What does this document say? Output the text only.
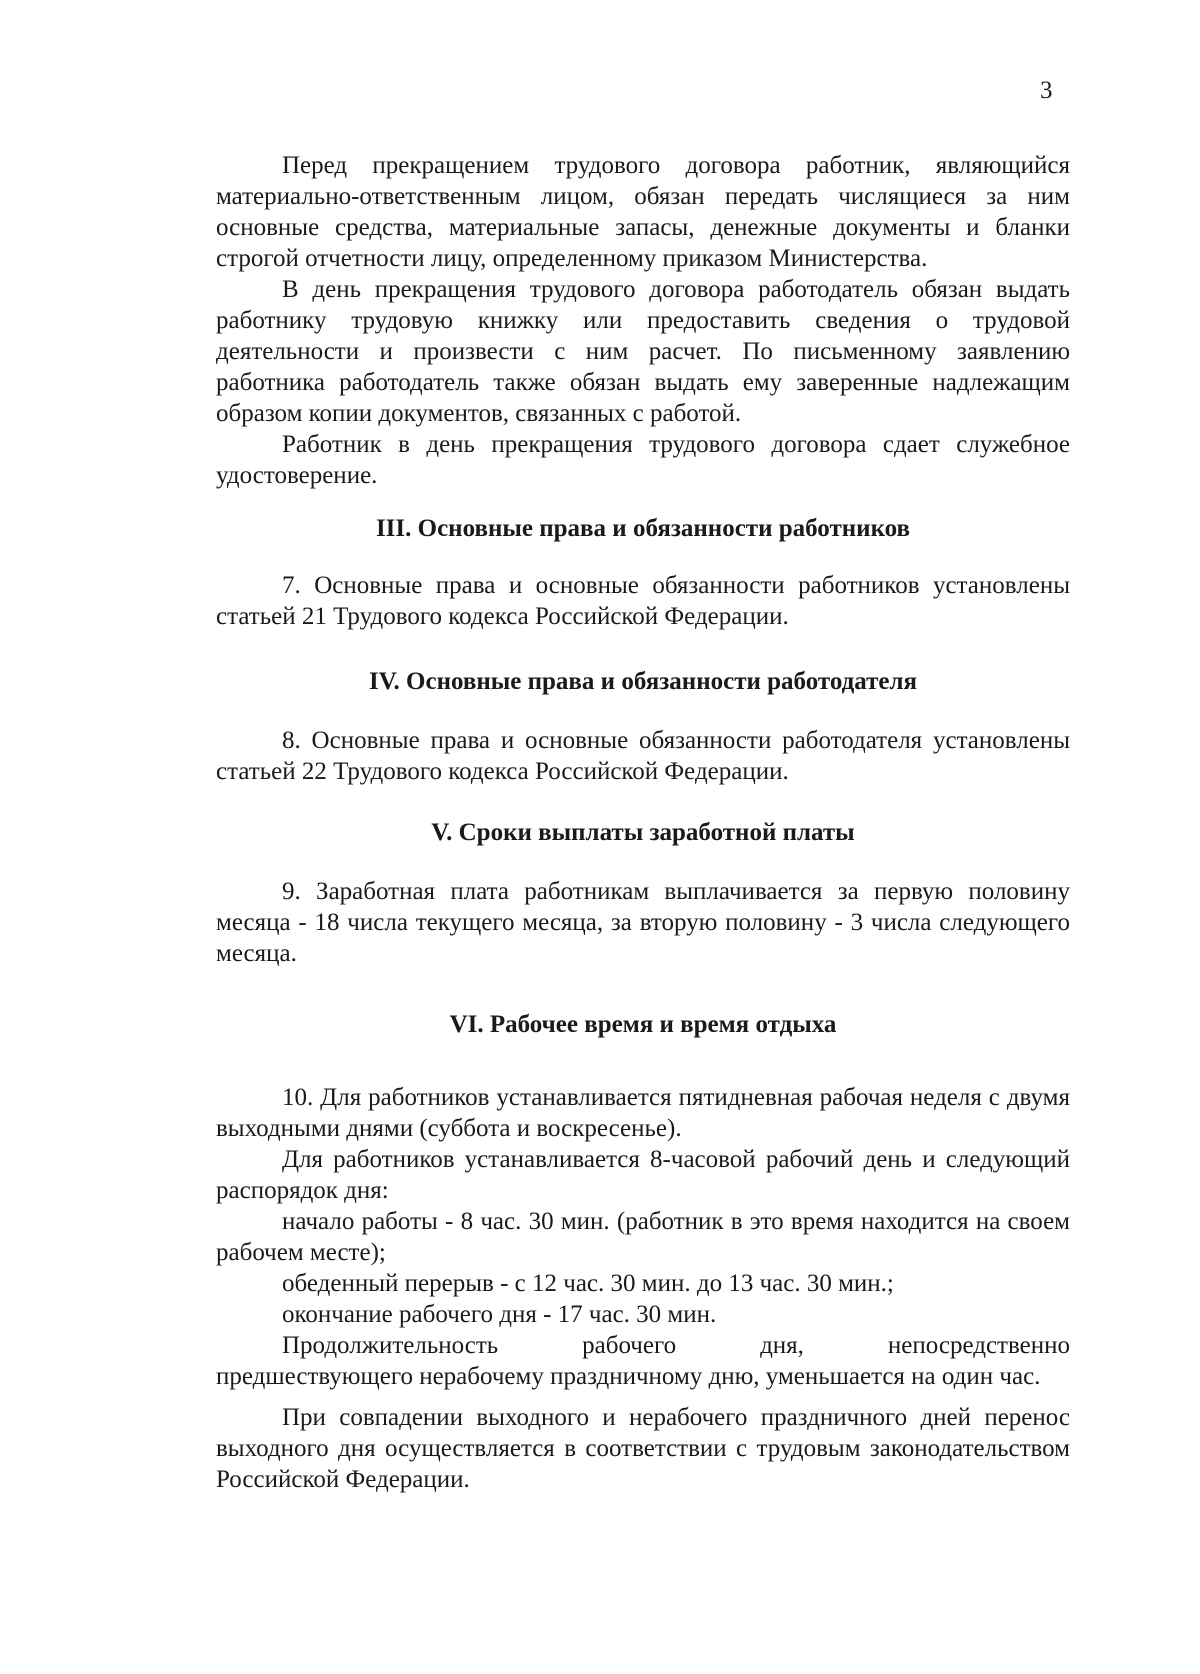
3

Перед прекращением трудового договора работник, являющийся материально-ответственным лицом, обязан передать числящиеся за ним основные средства, материальные запасы, денежные документы и бланки строгой отчетности лицу, определенному приказом Министерства.

В день прекращения трудового договора работодатель обязан выдать работнику трудовую книжку или предоставить сведения о трудовой деятельности и произвести с ним расчет. По письменному заявлению работника работодатель также обязан выдать ему заверенные надлежащим образом копии документов, связанных с работой.

Работник в день прекращения трудового договора сдает служебное удостоверение.

III. Основные права и обязанности работников

7. Основные права и основные обязанности работников установлены статьей 21 Трудового кодекса Российской Федерации.

IV. Основные права и обязанности работодателя

8. Основные права и основные обязанности работодателя установлены статьей 22 Трудового кодекса Российской Федерации.

V. Сроки выплаты заработной платы

9. Заработная плата работникам выплачивается за первую половину месяца - 18 числа текущего месяца, за вторую половину - 3 числа следующего месяца.

VI. Рабочее время и время отдыха

10. Для работников устанавливается пятидневная рабочая неделя с двумя выходными днями (суббота и воскресенье).

Для работников устанавливается 8-часовой рабочий день и следующий распорядок дня:

начало работы - 8 час. 30 мин. (работник в это время находится на своем рабочем месте);

обеденный перерыв - с 12 час. 30 мин. до 13 час. 30 мин.;

окончание рабочего дня - 17 час. 30 мин.

Продолжительность рабочего дня, непосредственно

предшествующего нерабочему праздничному дню, уменьшается на один час.

При совпадении выходного и нерабочего праздничного дней перенос выходного дня осуществляется в соответствии с трудовым законодательством Российской Федерации.
